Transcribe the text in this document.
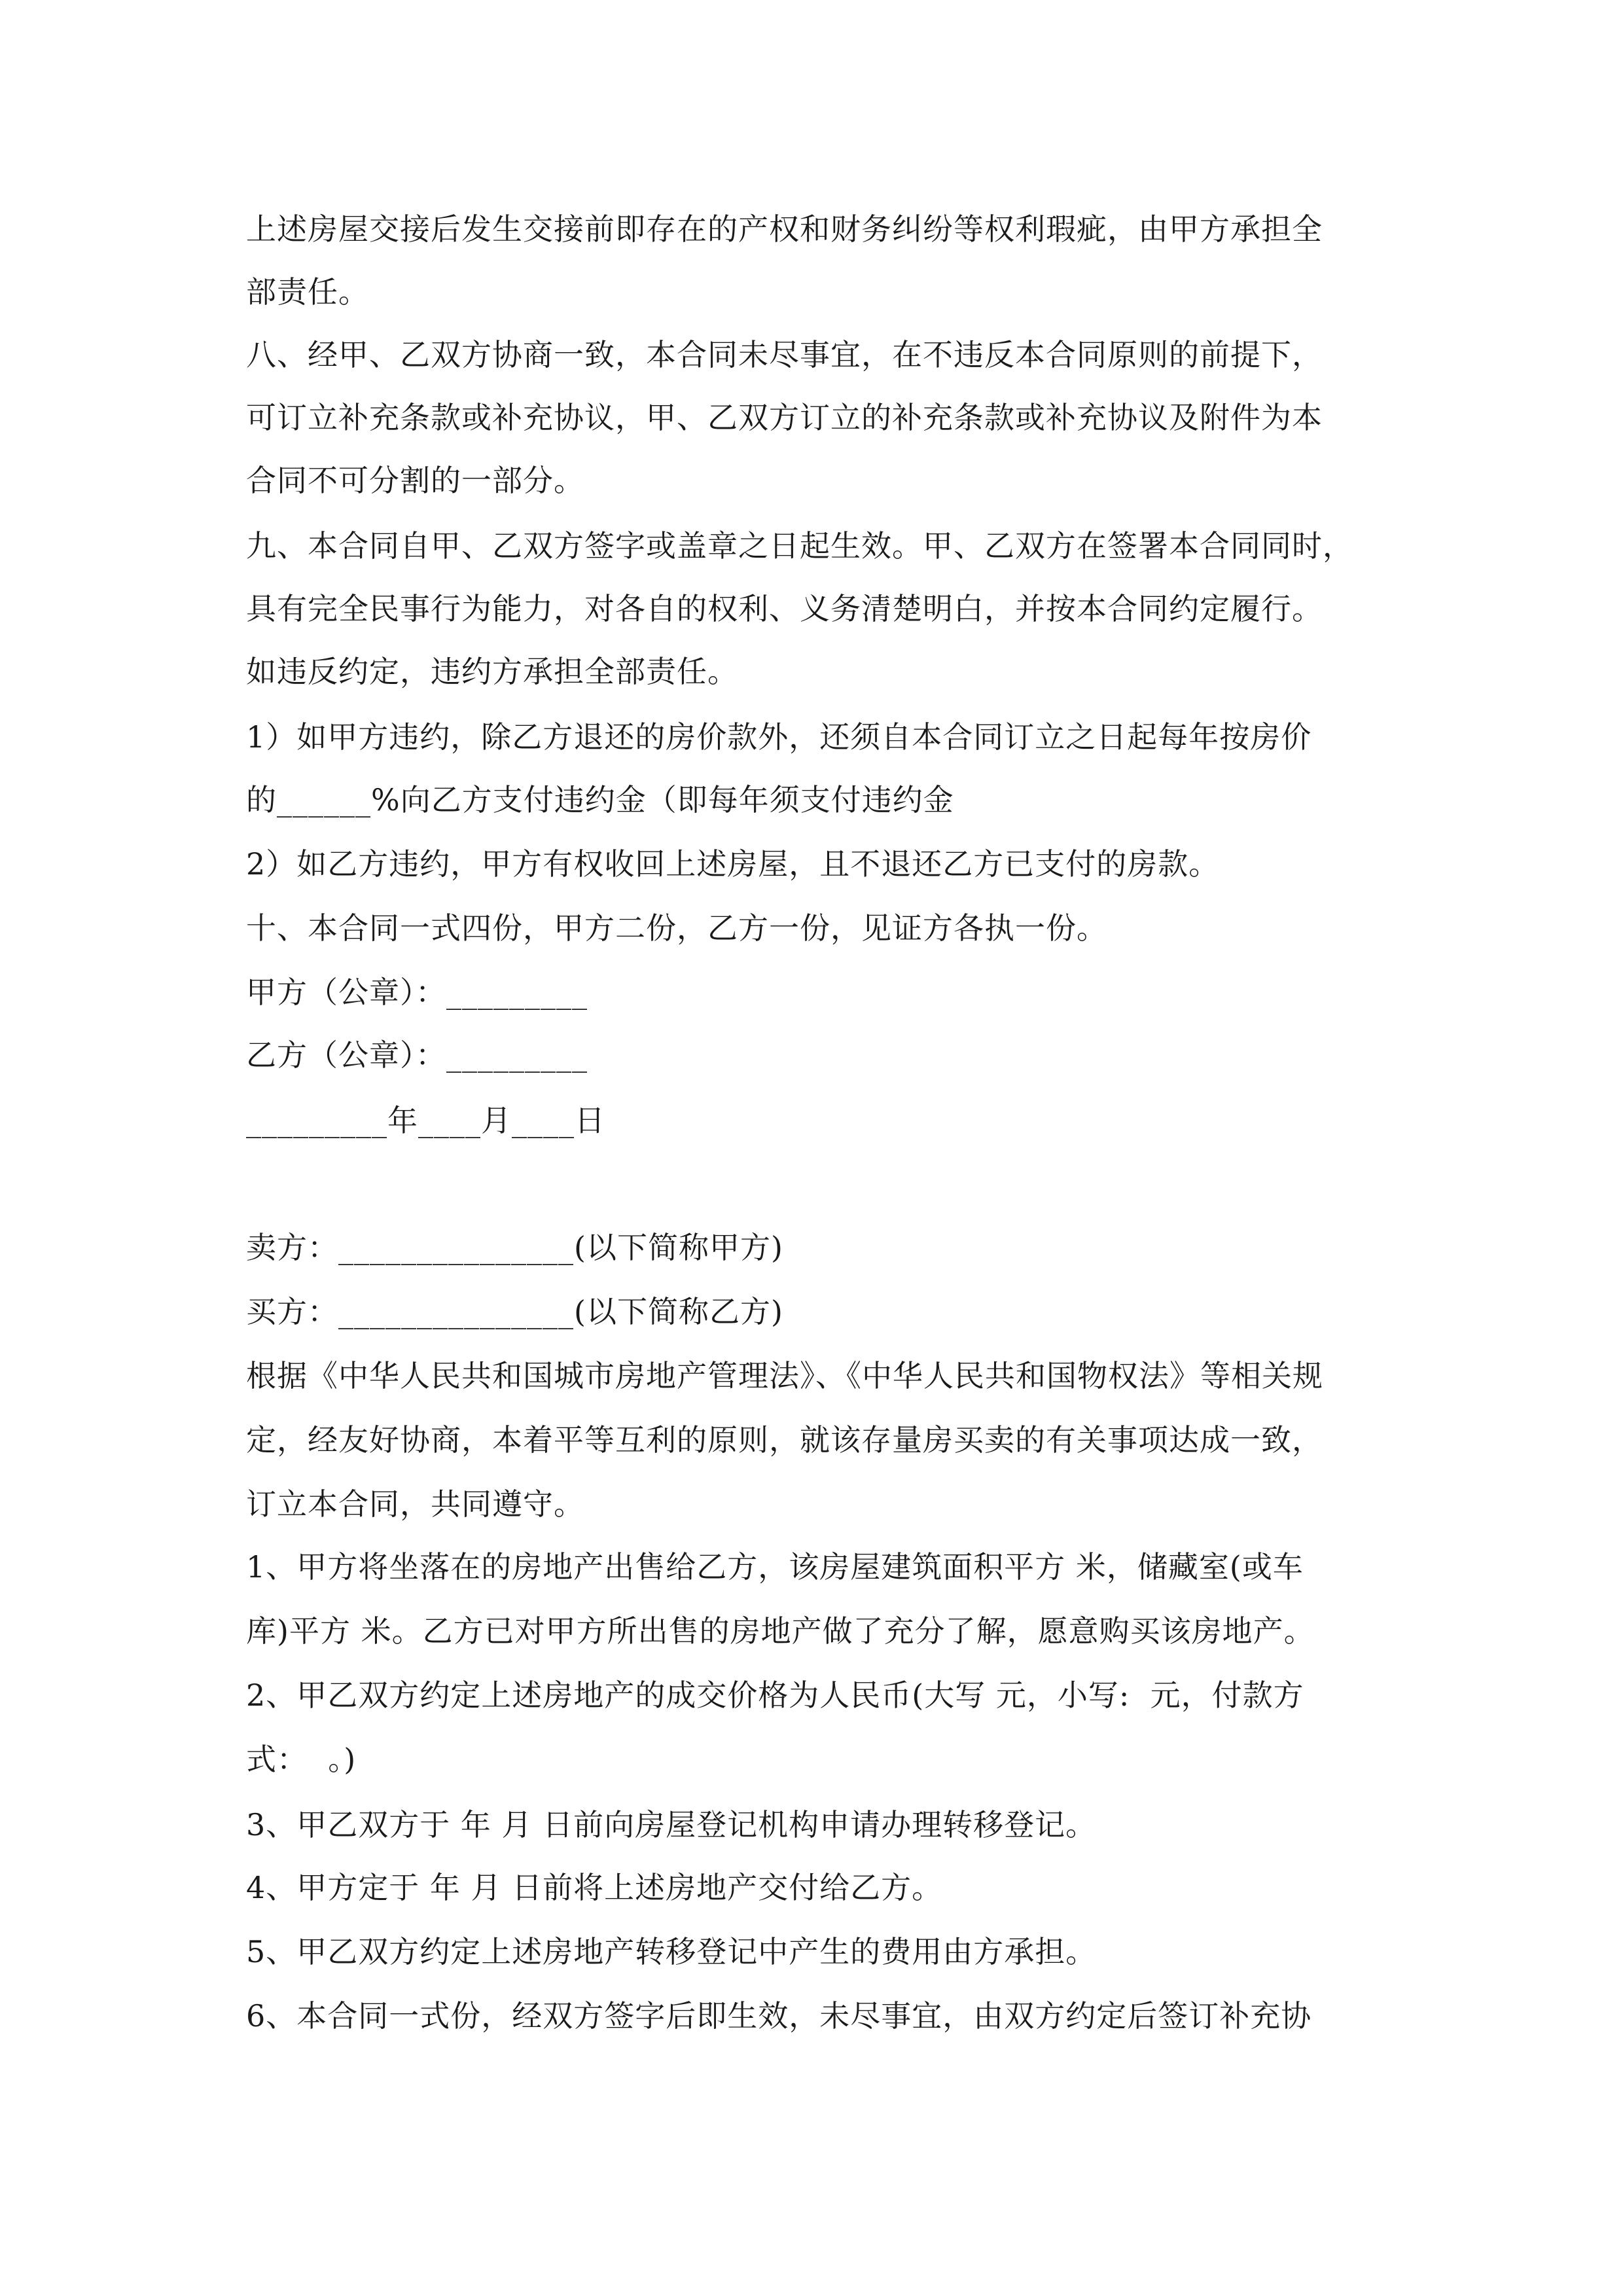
上述房屋交接后发生交接前即存在的产权和财务纠纷等权利瑕疵，由甲方承担全
部责任。
八、经甲、乙双方协商一致，本合同未尽事宜，在不违反本合同原则的前提下，
可订立补充条款或补充协议，甲、乙双方订立的补充条款或补充协议及附件为本
合同不可分割的一部分。
九、本合同自甲、乙双方签字或盖章之日起生效。甲、乙双方在签署本合同同时，
具有完全民事行为能力，对各自的权利、义务清楚明白，并按本合同约定履行。
如违反约定，违约方承担全部责任。
1）如甲方违约，除乙方退还的房价款外，还须自本合同订立之日起每年按房价
的______%向乙方支付违约金（即每年须支付违约金
2）如乙方违约，甲方有权收回上述房屋，且不退还乙方已支付的房款。
十、本合同一式四份，甲方二份，乙方一份，见证方各执一份。
甲方（公章）：_________
乙方（公章）：_________
_________年____月____日
卖方：_______________(以下简称甲方)
买方：_______________(以下简称乙方)
根据《中华人民共和国城市房地产管理法》、《中华人民共和国物权法》等相关规
定，经友好协商，本着平等互利的原则，就该存量房买卖的有关事项达成一致，
订立本合同，共同遵守。
1、甲方将坐落在的房地产出售给乙方，该房屋建筑面积平方 米，储藏室(或车
库)平方 米。乙方已对甲方所出售的房地产做了充分了解，愿意购买该房地产。
2、甲乙双方约定上述房地产的成交价格为人民币(大写 元，小写:  元，付款方
式：  。)
3、甲乙双方于 年 月 日前向房屋登记机构申请办理转移登记。
4、甲方定于 年 月 日前将上述房地产交付给乙方。
5、甲乙双方约定上述房地产转移登记中产生的费用由方承担。
6、本合同一式份，经双方签字后即生效，未尽事宜，由双方约定后签订补充协
